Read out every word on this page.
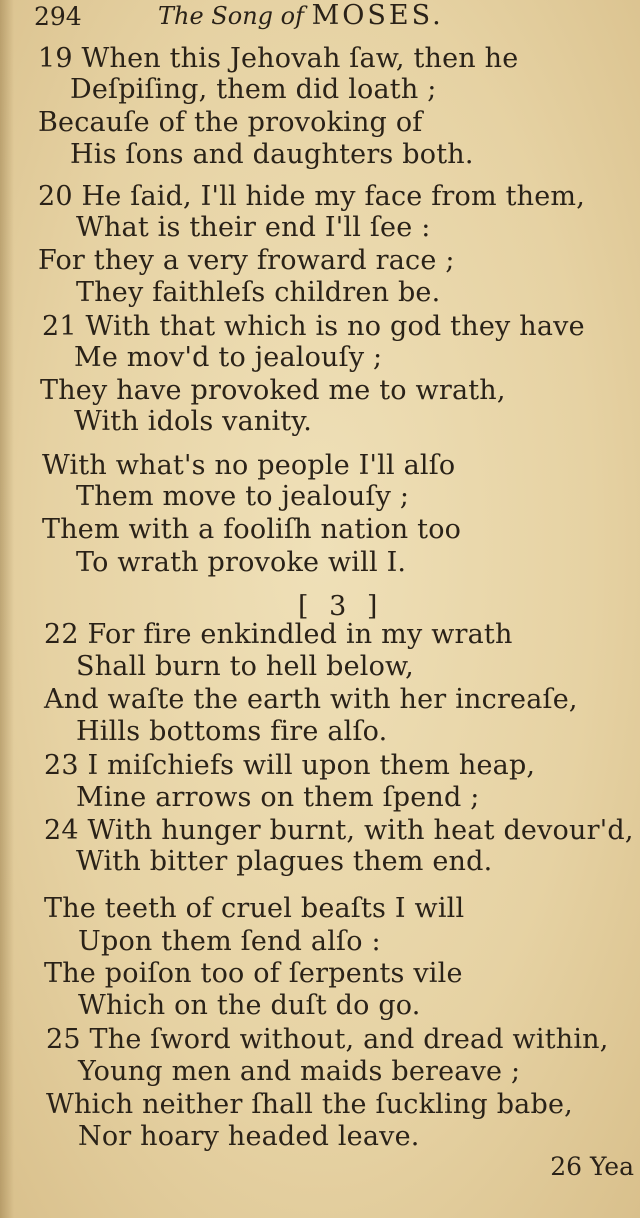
294	The Song of MOSES.
19 When this Jehovah ſaw, then he
Deſpiſing, them did loath ;
Becauſe of the provoking of
His ſons and daughters both.
20 He ſaid, I'll hide my face from them,
What is their end I'll ſee :
For they a very froward race ;
They faithleſs children be.
21 With that which is no god they have
Me mov'd to jealouſy ;
They have provoked me to wrath,
With idols vanity.
With what's no people I'll alſo
Them move to jealouſy ;
Them with a fooliſh nation too
To wrath provoke will I.
[ 3 ]
22 For fire enkindled in my wrath
Shall burn to hell below,
And waſte the earth with her increaſe,
Hills bottoms fire alſo.
23 I miſchiefs will upon them heap,
Mine arrows on them ſpend ;
24 With hunger burnt, with heat devour'd,
With bitter plagues them end.
The teeth of cruel beaſts I will
Upon them ſend alſo :
The poiſon too of ſerpents vile
Which on the duſt do go.
25 The ſword without, and dread within,
Young men and maids bereave ;
Which neither ſhall the ſuckling babe,
Nor hoary headed leave.
26 Yea
